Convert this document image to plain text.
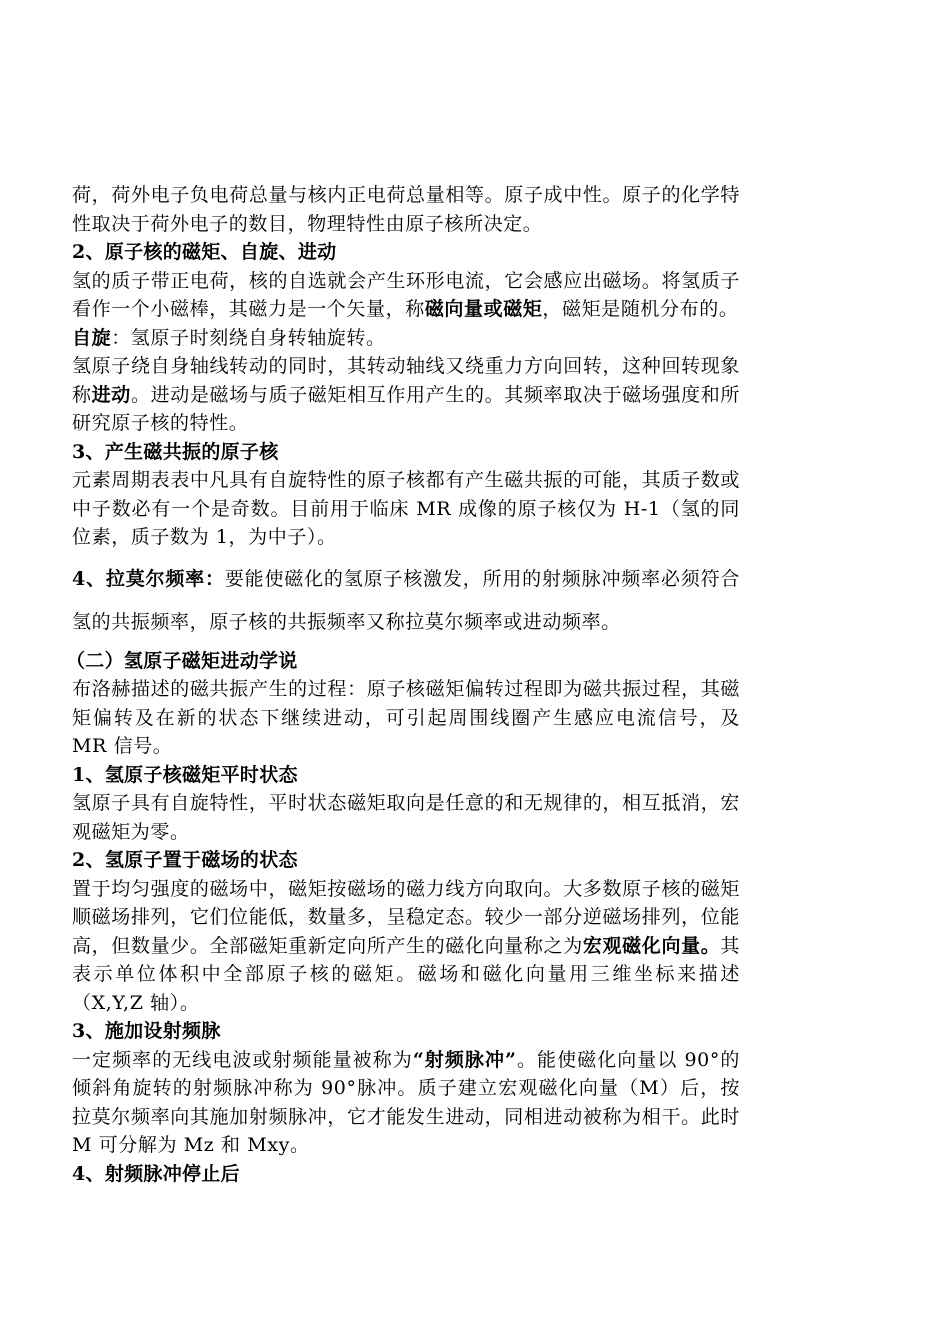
荷，荷外电子负电荷总量与核内正电荷总量相等。原子成中性。原子的化学特性取决于荷外电子的数目，物理特性由原子核所决定。

2、原子核的磁矩、自旋、进动

氢的质子带正电荷，核的自选就会产生环形电流，它会感应出磁场。将氢质子看作一个小磁棒，其磁力是一个矢量，称磁向量或磁矩，磁矩是随机分布的。

自旋：氢原子时刻绕自身转轴旋转。

氢原子绕自身轴线转动的同时，其转动轴线又绕重力方向回转，这种回转现象称进动。进动是磁场与质子磁矩相互作用产生的。其频率取决于磁场强度和所研究原子核的特性。

3、产生磁共振的原子核

元素周期表表中凡具有自旋特性的原子核都有产生磁共振的可能，其质子数或中子数必有一个是奇数。目前用于临床 MR 成像的原子核仅为 H-1（氢的同位素，质子数为 1，为中子）。

4、拉莫尔频率：要能使磁化的氢原子核激发，所用的射频脉冲频率必须符合氢的共振频率，原子核的共振频率又称拉莫尔频率或进动频率。

（二）氢原子磁矩进动学说

布洛赫描述的磁共振产生的过程：原子核磁矩偏转过程即为磁共振过程，其磁矩偏转及在新的状态下继续进动，可引起周围线圈产生感应电流信号，及 MR 信号。

1、氢原子核磁矩平时状态

氢原子具有自旋特性，平时状态磁矩取向是任意的和无规律的，相互抵消，宏观磁矩为零。

2、氢原子置于磁场的状态

置于均匀强度的磁场中，磁矩按磁场的磁力线方向取向。大多数原子核的磁矩顺磁场排列，它们位能低，数量多，呈稳定态。较少一部分逆磁场排列，位能高，但数量少。全部磁矩重新定向所产生的磁化向量称之为宏观磁化向量。其表示单位体积中全部原子核的磁矩。磁场和磁化向量用三维坐标来描述（X,Y,Z 轴）。

3、施加设射频脉

一定频率的无线电波或射频能量被称为“射频脉冲”。能使磁化向量以 90°的倾斜角旋转的射频脉冲称为 90°脉冲。质子建立宏观磁化向量（M）后，按拉莫尔频率向其施加射频脉冲，它才能发生进动，同相进动被称为相干。此时 M 可分解为 Mz 和 Mxy。

4、射频脉冲停止后
